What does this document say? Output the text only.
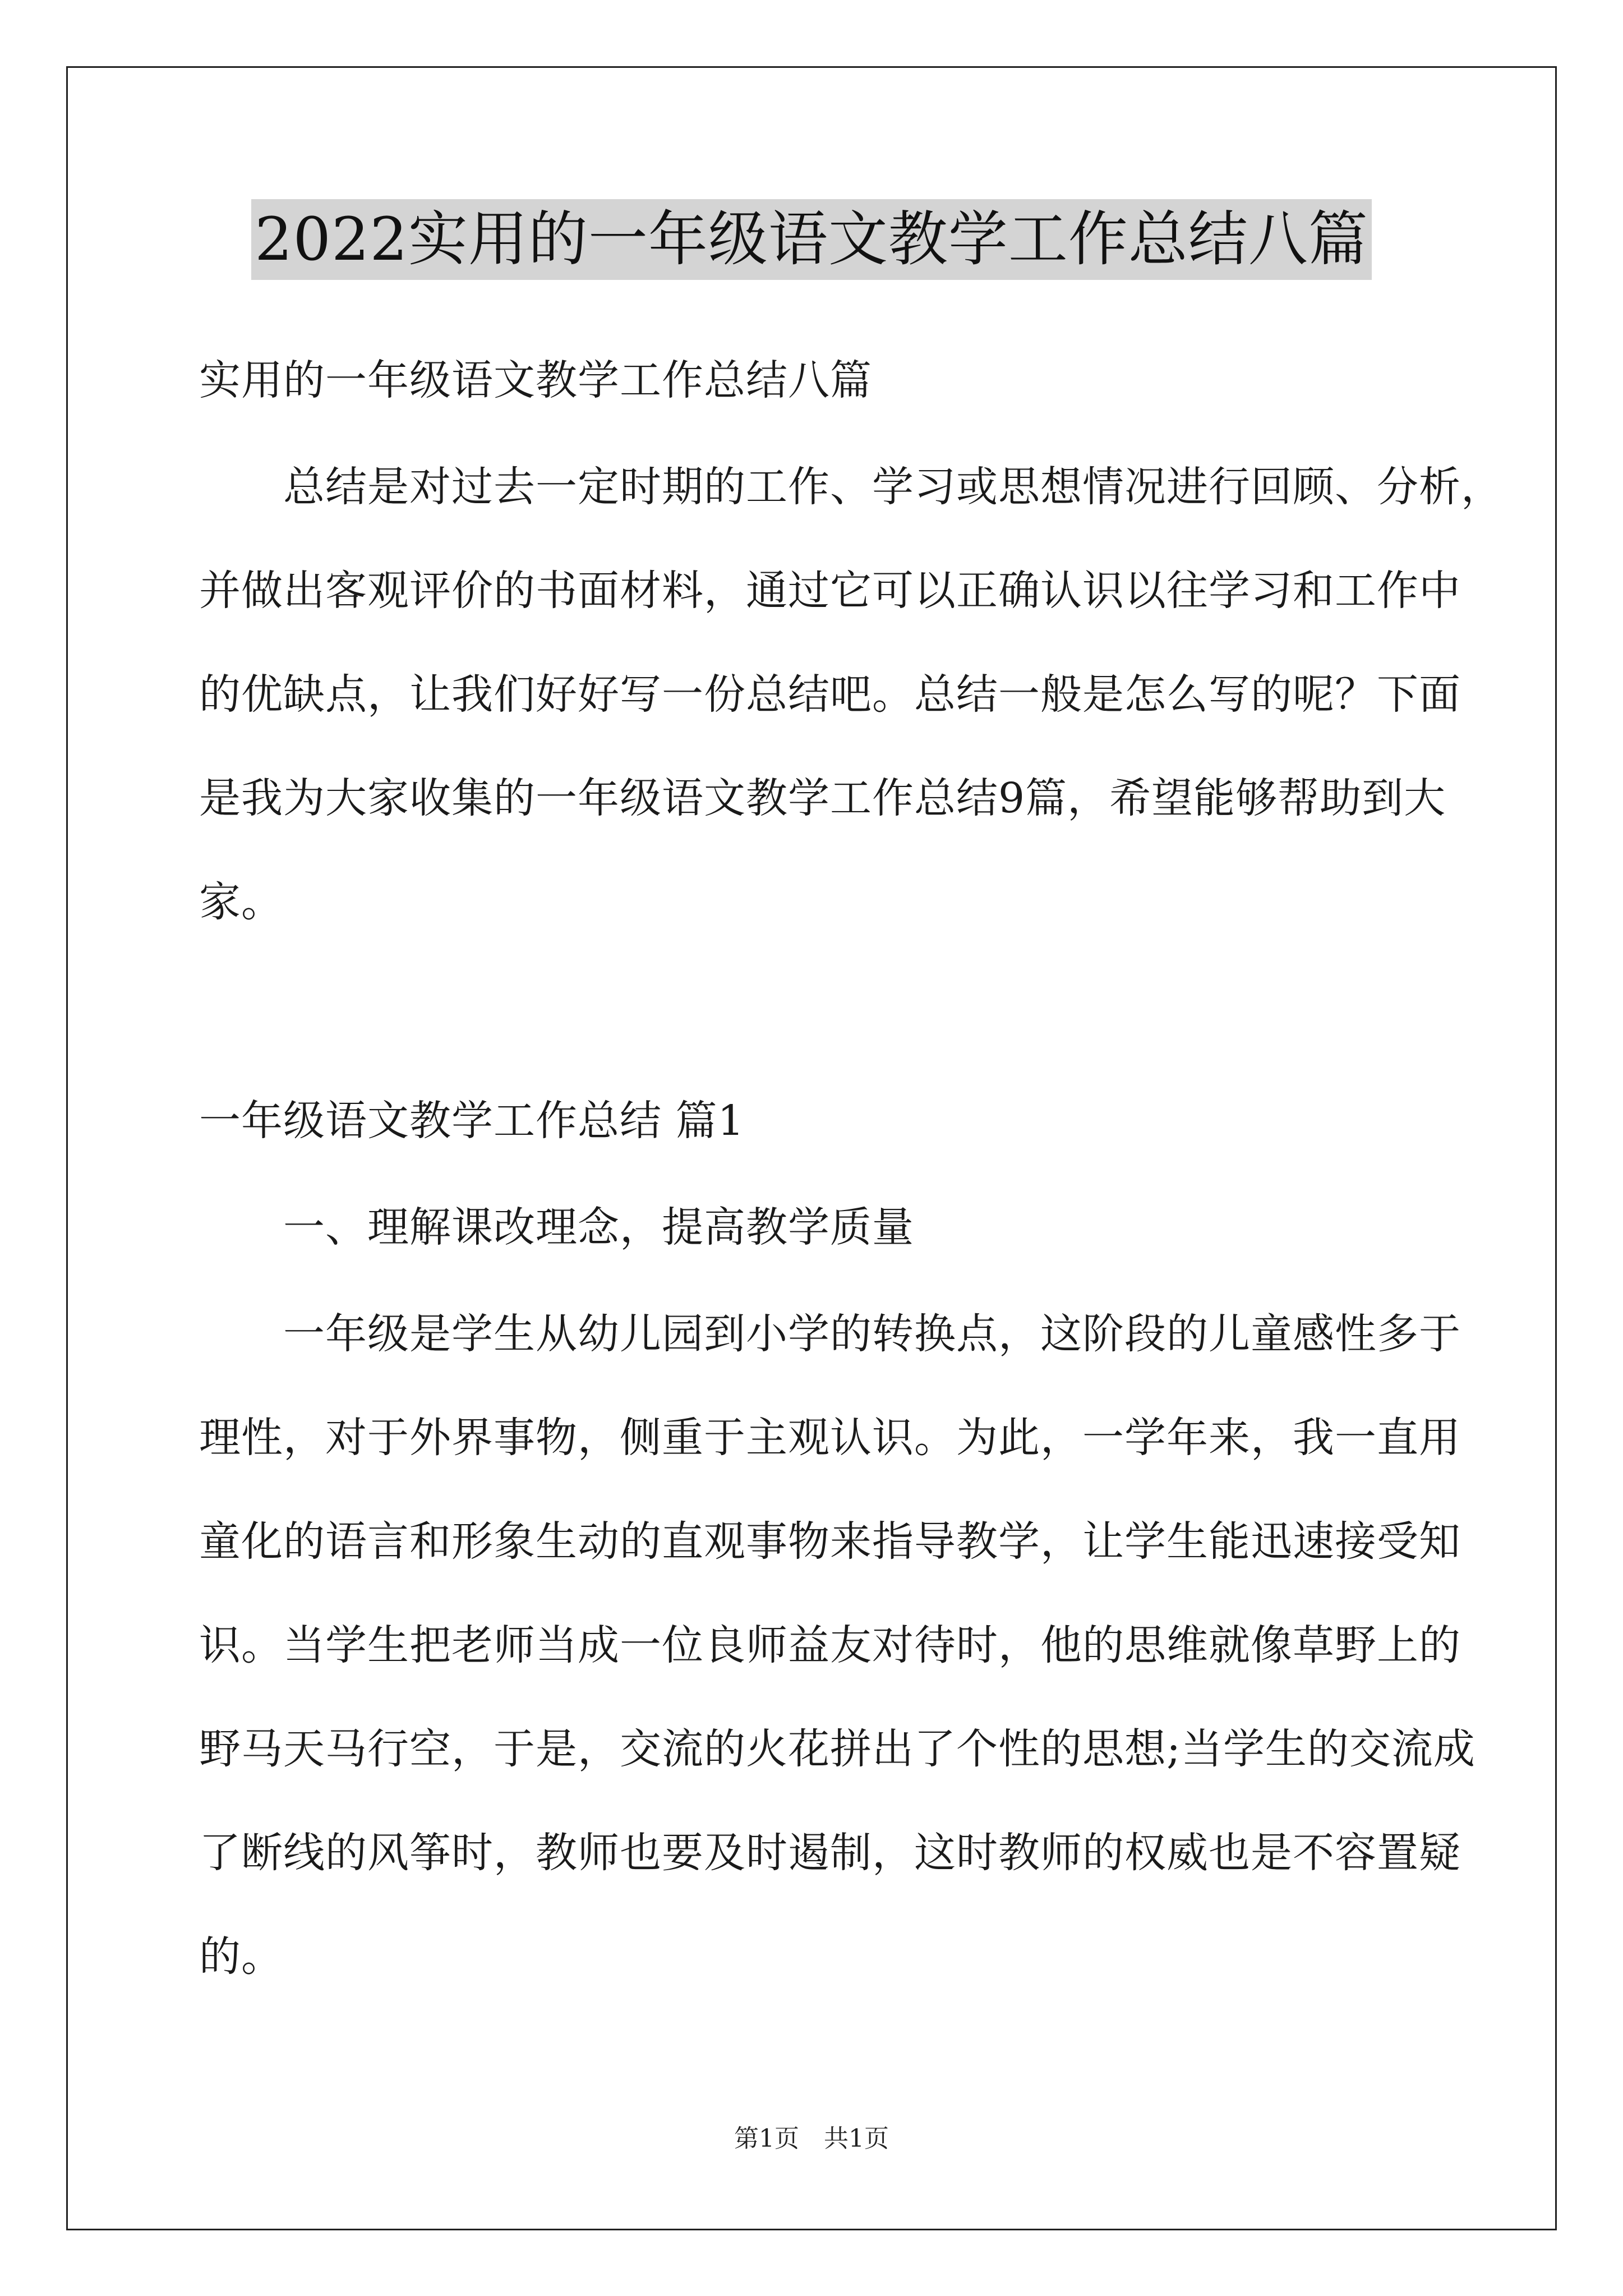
2022实用的一年级语文教学工作总结八篇
实用的一年级语文教学工作总结八篇
　　总结是对过去一定时期的工作、学习或思想情况进行回顾、分析，
并做出客观评价的书面材料，通过它可以正确认识以往学习和工作中
的优缺点，让我们好好写一份总结吧。总结一般是怎么写的呢？下面
是我为大家收集的一年级语文教学工作总结9篇，希望能够帮助到大
家。
一年级语文教学工作总结 篇1
　　一、理解课改理念，提高教学质量
　　一年级是学生从幼儿园到小学的转换点，这阶段的儿童感性多于
理性，对于外界事物，侧重于主观认识。为此，一学年来，我一直用
童化的语言和形象生动的直观事物来指导教学，让学生能迅速接受知
识。当学生把老师当成一位良师益友对待时，他的思维就像草野上的
野马天马行空，于是，交流的火花拼出了个性的思想;当学生的交流成
了断线的风筝时，教师也要及时遏制，这时教师的权威也是不容置疑
的。
第1页　共1页
